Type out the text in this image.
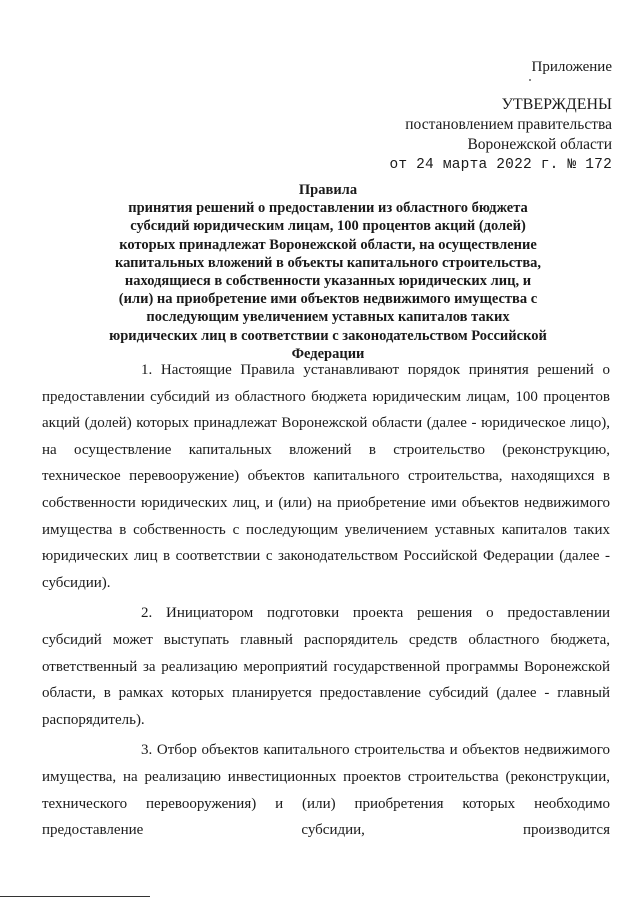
Приложение
УТВЕРЖДЕНЫ
постановлением правительства
Воронежской области
от 24 марта 2022 г. № 172
Правила
принятия решений о предоставлении из областного бюджета субсидий юридическим лицам, 100 процентов акций (долей) которых принадлежат Воронежской области, на осуществление капитальных вложений в объекты капитального строительства, находящиеся в собственности указанных юридических лиц, и (или) на приобретение ими объектов недвижимого имущества с последующим увеличением уставных капиталов таких юридических лиц в соответствии с законодательством Российской Федерации

1. Настоящие Правила устанавливают порядок принятия решений о предоставлении субсидий из областного бюджета юридическим лицам, 100 процентов акций (долей) которых принадлежат Воронежской области (далее - юридическое лицо), на осуществление капитальных вложений в строительство (реконструкцию, техническое перевооружение) объектов капитального строительства, находящихся в собственности юридических лиц, и (или) на приобретение ими объектов недвижимого имущества в собственность с последующим увеличением уставных капиталов таких юридических лиц в соответствии с законодательством Российской Федерации (далее - субсидии).

2. Инициатором подготовки проекта решения о предоставлении субсидий может выступать главный распорядитель средств областного бюджета, ответственный за реализацию мероприятий государственной программы Воронежской области, в рамках которых планируется предоставление субсидий (далее - главный распорядитель).

3. Отбор объектов капитального строительства и объектов недвижимого имущества, на реализацию инвестиционных проектов строительства (реконструкции, технического перевооружения) и (или) приобретения которых необходимо предоставление субсидии, производится
